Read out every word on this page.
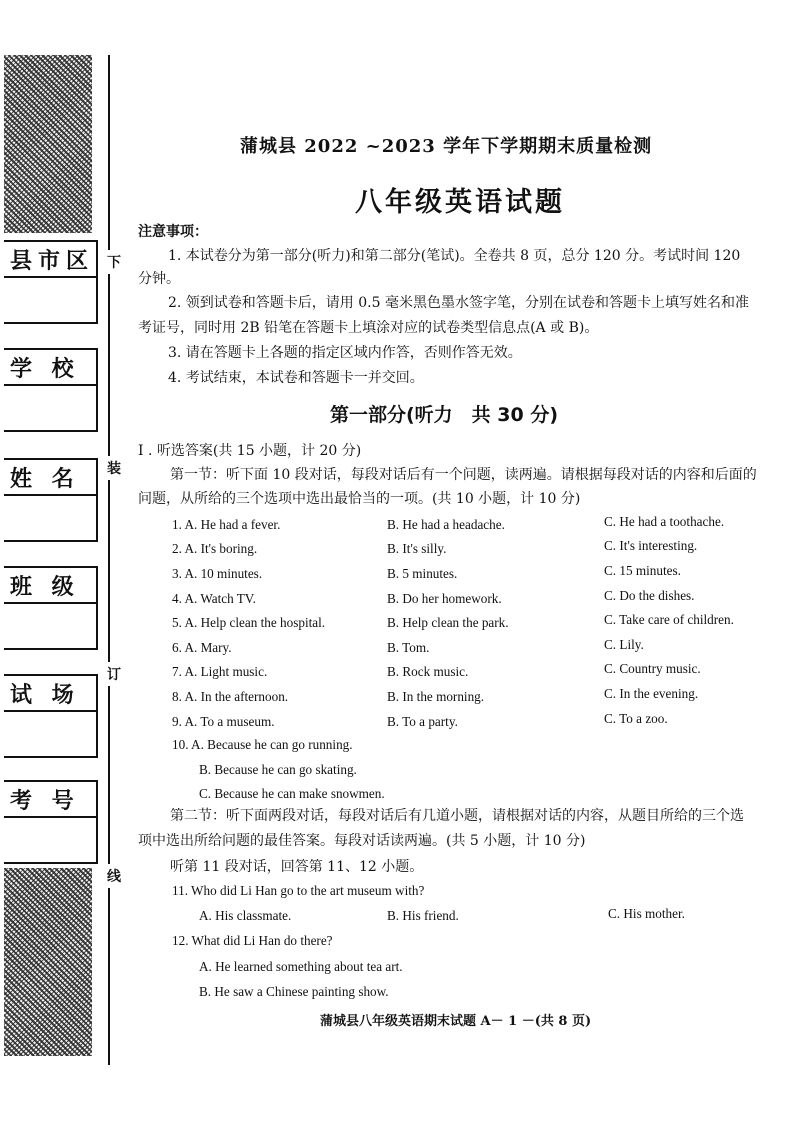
县市区
学 校
姓 名
班 级
试 场
考 号
下
装
订
线
蒲城县 2022 ~2023 学年下学期期末质量检测
八年级英语试题
注意事项：
1. 本试卷分为第一部分(听力)和第二部分(笔试)。全卷共 8 页，总分 120 分。考试时间 120
分钟。
2. 领到试卷和答题卡后，请用 0.5 毫米黑色墨水签字笔，分别在试卷和答题卡上填写姓名和准
考证号，同时用 2B 铅笔在答题卡上填涂对应的试卷类型信息点(A 或 B)。
3. 请在答题卡上各题的指定区域内作答，否则作答无效。
4. 考试结束，本试卷和答题卡一并交回。
第一部分(听力　共 30 分)
I . 听选答案(共 15 小题，计 20 分)
第一节：听下面 10 段对话，每段对话后有一个问题，读两遍。请根据每段对话的内容和后面的
问题，从所给的三个选项中选出最恰当的一项。(共 10 小题，计 10 分)
1. A. He had a fever.	B. He had a headache.	C. He had a toothache.
2. A. It's boring.	B. It's silly.	C. It's interesting.
3. A. 10 minutes.	B. 5 minutes.	C. 15 minutes.
4. A. Watch TV.	B. Do her homework.	C. Do the dishes.
5. A. Help clean the hospital.	B. Help clean the park.	C. Take care of children.
6. A. Mary.	B. Tom.	C. Lily.
7. A. Light music.	B. Rock music.	C. Country music.
8. A. In the afternoon.	B. In the morning.	C. In the evening.
9. A. To a museum.	B. To a party.	C. To a zoo.
10. A. Because he can go running.
B. Because he can go skating.
C. Because he can make snowmen.
第二节：听下面两段对话，每段对话后有几道小题，请根据对话的内容，从题目所给的三个选
项中选出所给问题的最佳答案。每段对话读两遍。(共 5 小题，计 10 分)
听第 11 段对话，回答第 11、12 小题。
11. Who did Li Han go to the art museum with?
A. His classmate.	B. His friend.	C. His mother.
12. What did Li Han do there?
A. He learned something about tea art.
B. He saw a Chinese painting show.
蒲城县八年级英语期末试题 A－ 1 －(共 8 页)
